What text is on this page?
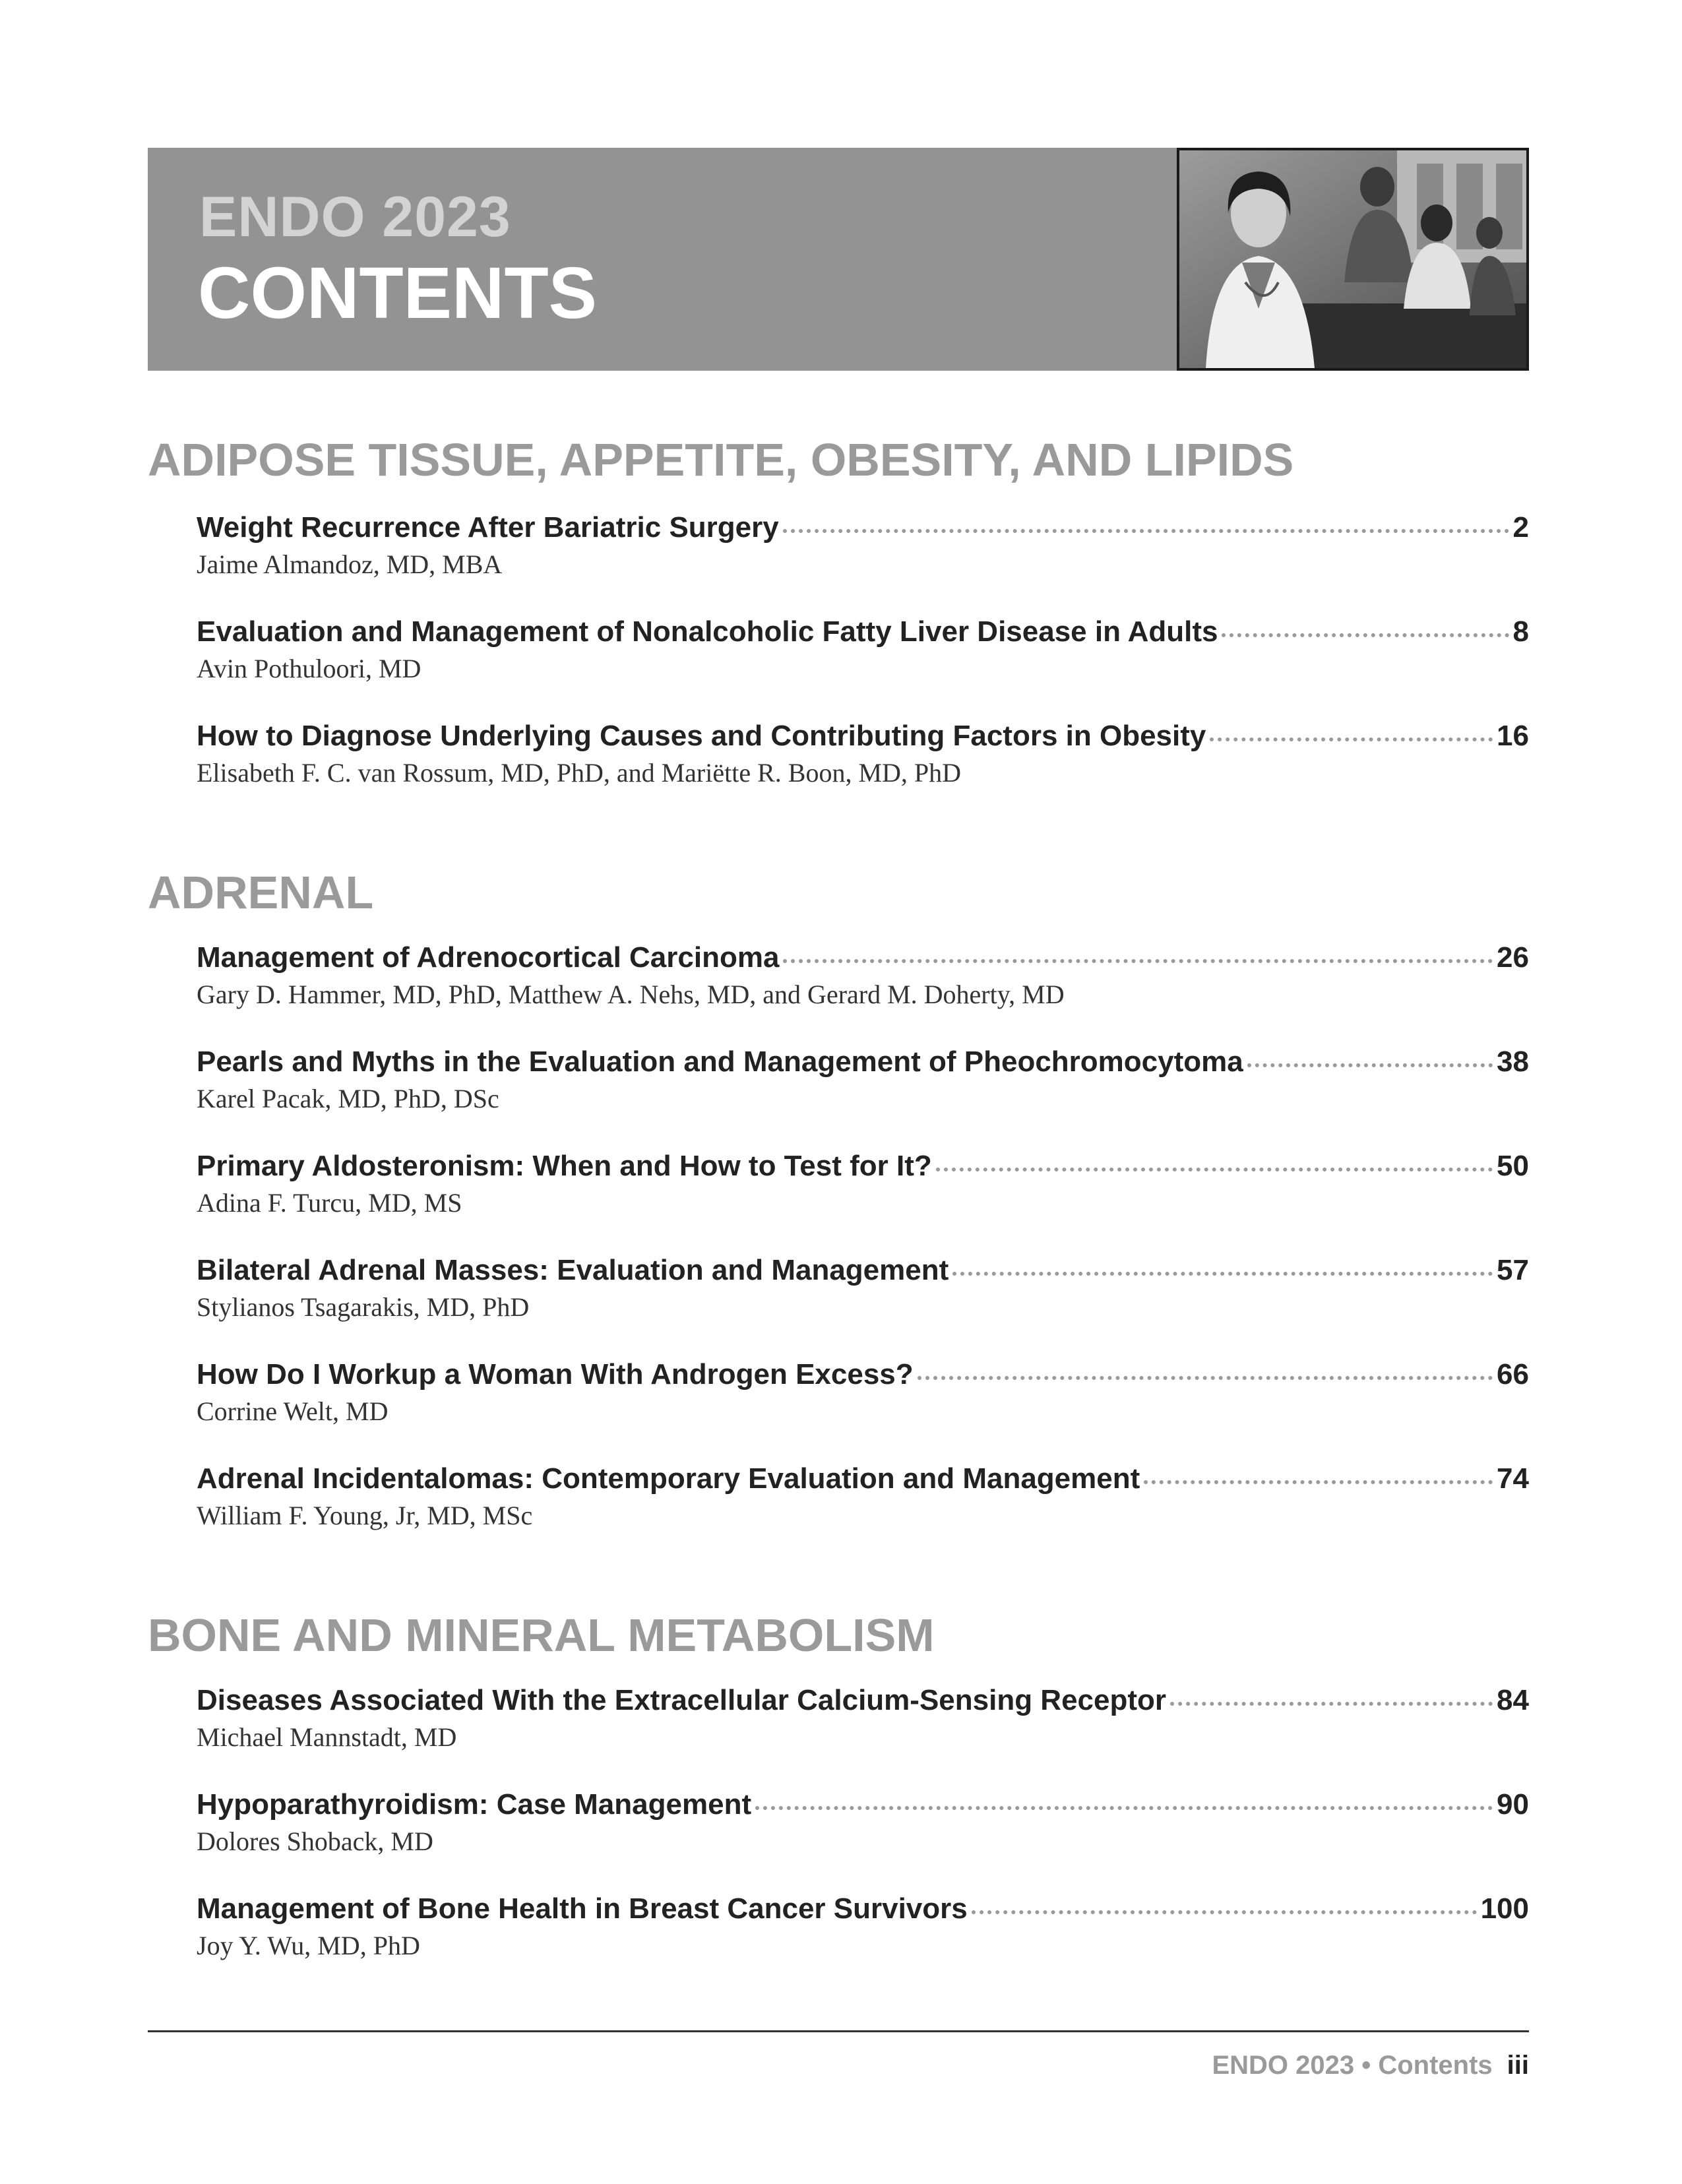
ENDO 2023
CONTENTS
ADIPOSE TISSUE, APPETITE, OBESITY, AND LIPIDS
Weight Recurrence After Bariatric Surgery	2
Jaime Almandoz, MD, MBA
Evaluation and Management of Nonalcoholic Fatty Liver Disease in Adults	8
Avin Pothuloori, MD
How to Diagnose Underlying Causes and Contributing Factors in Obesity	16
Elisabeth F. C. van Rossum, MD, PhD, and Mariëtte R. Boon, MD, PhD
ADRENAL
Management of Adrenocortical Carcinoma	26
Gary D. Hammer, MD, PhD, Matthew A. Nehs, MD, and Gerard M. Doherty, MD
Pearls and Myths in the Evaluation and Management of Pheochromocytoma	38
Karel Pacak, MD, PhD, DSc
Primary Aldosteronism: When and How to Test for It?	50
Adina F. Turcu, MD, MS
Bilateral Adrenal Masses: Evaluation and Management	57
Stylianos Tsagarakis, MD, PhD
How Do I Workup a Woman With Androgen Excess?	66
Corrine Welt, MD
Adrenal Incidentalomas: Contemporary Evaluation and Management	74
William F. Young, Jr, MD, MSc
BONE AND MINERAL METABOLISM
Diseases Associated With the Extracellular Calcium-Sensing Receptor	84
Michael Mannstadt, MD
Hypoparathyroidism: Case Management	90
Dolores Shoback, MD
Management of Bone Health in Breast Cancer Survivors	100
Joy Y. Wu, MD, PhD
ENDO 2023 • Contents iii
